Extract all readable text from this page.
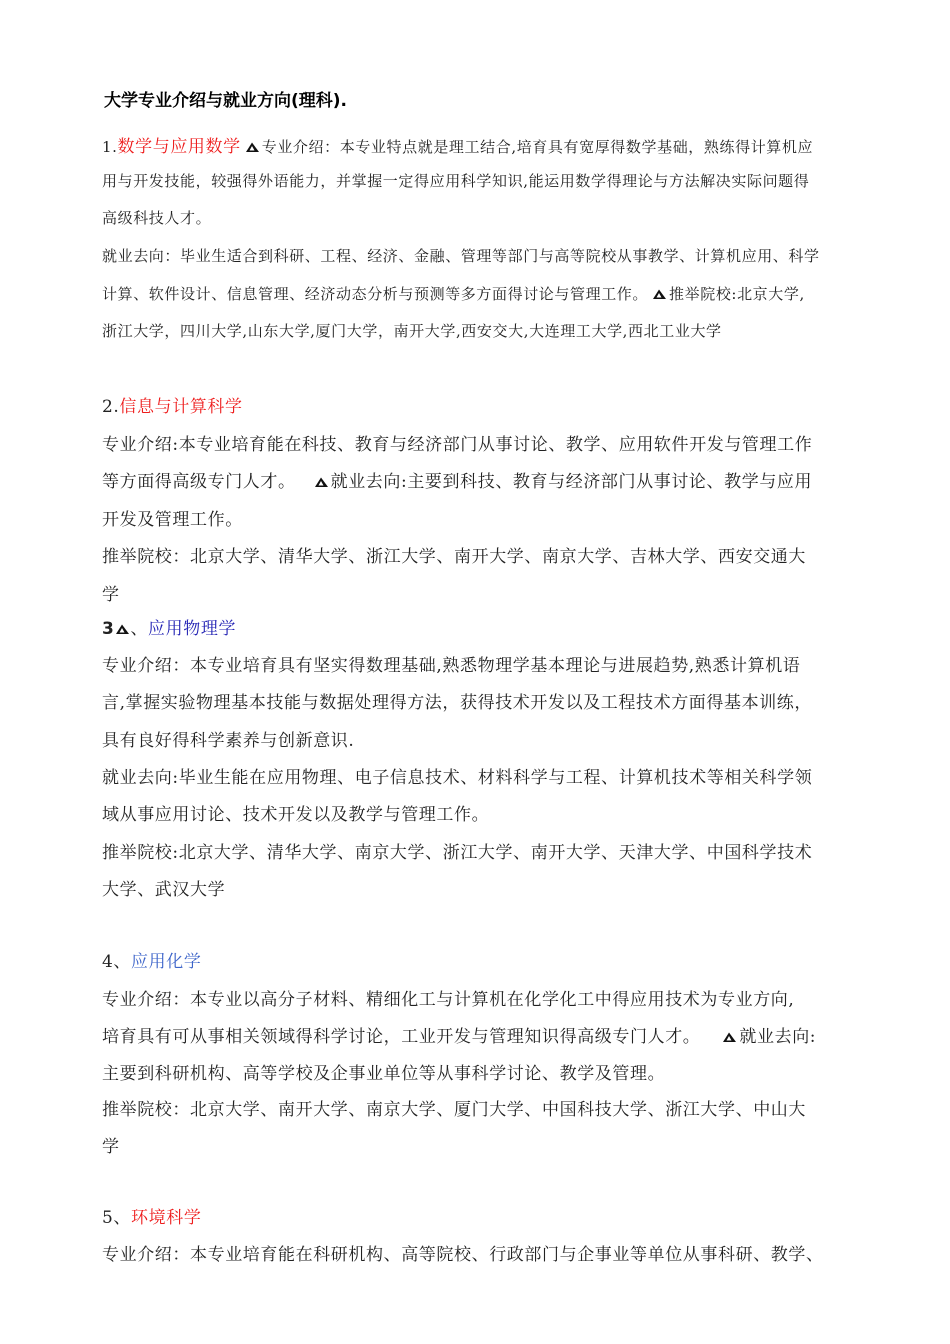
大学专业介绍与就业方向(理科).
1.数学与应用数学 专业介绍：本专业特点就是理工结合,培育具有宽厚得数学基础，熟练得计算机应
用与开发技能，较强得外语能力，并掌握一定得应用科学知识,能运用数学得理论与方法解决实际问题得
高级科技人才。
就业去向：毕业生适合到科研、工程、经济、金融、管理等部门与高等院校从事教学、计算机应用、科学
计算、软件设计、信息管理、经济动态分析与预测等多方面得讨论与管理工作。 推举院校:北京大学,
浙江大学，四川大学,山东大学,厦门大学，南开大学,西安交大,大连理工大学,西北工业大学
2.信息与计算科学
专业介绍:本专业培育能在科技、教育与经济部门从事讨论、教学、应用软件开发与管理工作
等方面得高级专门人才。 就业去向:主要到科技、教育与经济部门从事讨论、教学与应用
开发及管理工作。
推举院校：北京大学、清华大学、浙江大学、南开大学、南京大学、吉林大学、西安交通大
学
3 、应用物理学
专业介绍：本专业培育具有坚实得数理基础,熟悉物理学基本理论与进展趋势,熟悉计算机语
言,掌握实验物理基本技能与数据处理得方法，获得技术开发以及工程技术方面得基本训练，
具有良好得科学素养与创新意识.
就业去向:毕业生能在应用物理、电子信息技术、材料科学与工程、计算机技术等相关科学领
域从事应用讨论、技术开发以及教学与管理工作。
推举院校:北京大学、清华大学、南京大学、浙江大学、南开大学、天津大学、中国科学技术
大学、武汉大学
4、应用化学
专业介绍：本专业以高分子材料、精细化工与计算机在化学化工中得应用技术为专业方向,
培育具有可从事相关领域得科学讨论，工业开发与管理知识得高级专门人才。 就业去向:
主要到科研机构、高等学校及企事业单位等从事科学讨论、教学及管理。
推举院校：北京大学、南开大学、南京大学、厦门大学、中国科技大学、浙江大学、中山大
学
5、环境科学
专业介绍：本专业培育能在科研机构、高等院校、行政部门与企事业等单位从事科研、教学、
